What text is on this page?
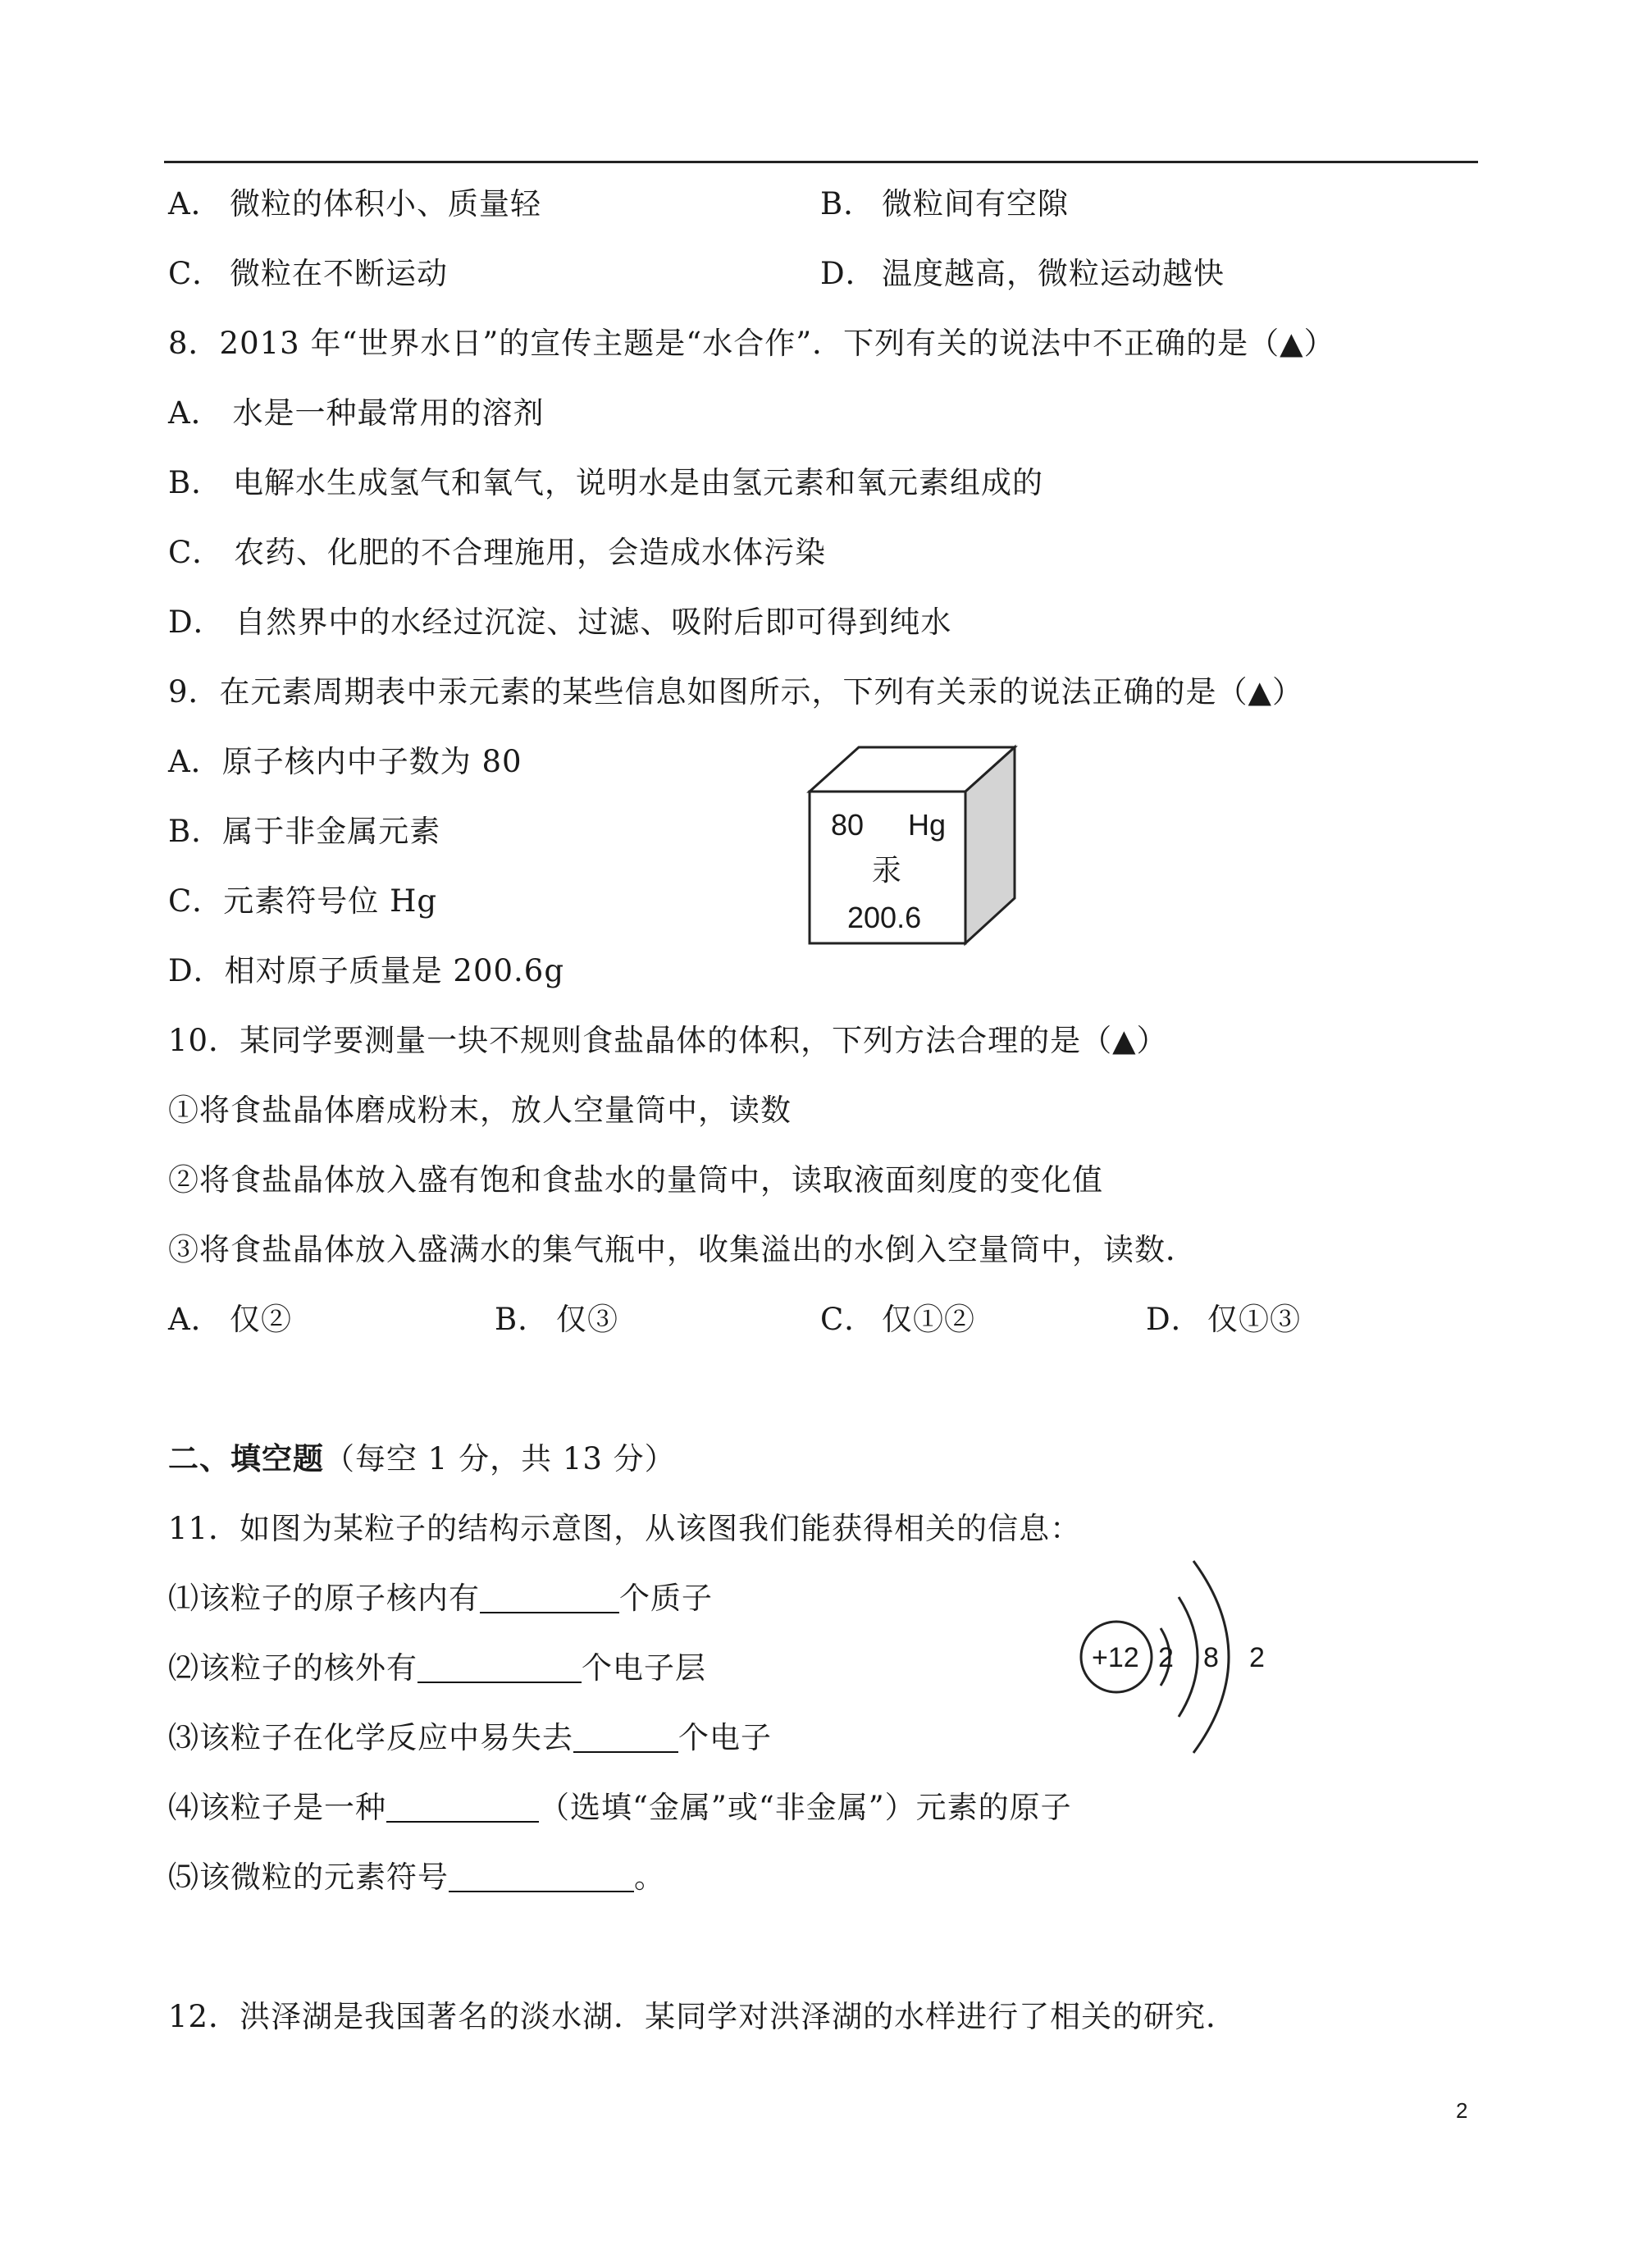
A． 微粒的体积小、质量轻	B． 微粒间有空隙
C． 微粒在不断运动	D． 温度越高，微粒运动越快
8．2013 年“世界水日”的宣传主题是“水合作”．下列有关的说法中不正确的是（▲）
A． 水是一种最常用的溶剂
B． 电解水生成氢气和氧气，说明水是由氢元素和氧元素组成的
C． 农药、化肥的不合理施用，会造成水体污染
D． 自然界中的水经过沉淀、过滤、吸附后即可得到纯水
9．在元素周期表中汞元素的某些信息如图所示，下列有关汞的说法正确的是（▲）
A．原子核内中子数为 80
B．属于非金属元素
C．元素符号位 Hg
D．相对原子质量是 200.6g
80 Hg
汞
200.6
10．某同学要测量一块不规则食盐晶体的体积，下列方法合理的是（▲）
①将食盐晶体磨成粉末，放人空量筒中，读数
②将食盐晶体放入盛有饱和食盐水的量筒中，读取液面刻度的变化值
③将食盐晶体放入盛满水的集气瓶中，收集溢出的水倒入空量筒中，读数．
A． 仅②	B． 仅③	C． 仅①②	D． 仅①③
二、填空题（每空 1 分，共 13 分）
11．如图为某粒子的结构示意图，从该图我们能获得相关的信息：
⑴该粒子的原子核内有	个质子
⑵该粒子的核外有	个电子层
⑶该粒子在化学反应中易失去	个电子
⑷该粒子是一种	（选填“金属”或“非金属”）元素的原子
⑸该微粒的元素符号	。
+12 2 8 2
12．洪泽湖是我国著名的淡水湖．某同学对洪泽湖的水样进行了相关的研究．
2
